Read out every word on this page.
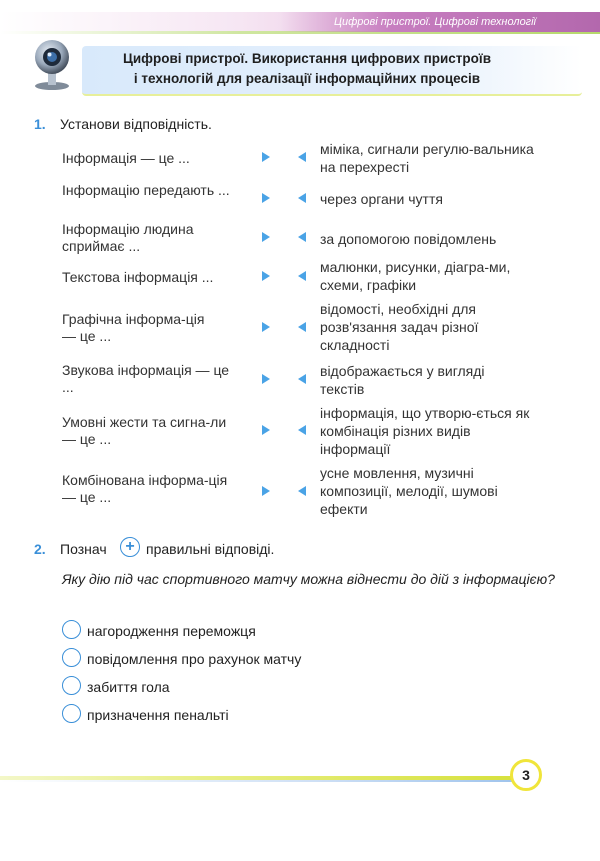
Цифрові пристрої. Цифрові технології
Цифрові пристрої. Використання цифрових пристроїв
і технологій для реалізації інформаційних процесів
1. Установи відповідність.
Інформація — це ...
міміка, сигнали регулю-вальника на перехресті
Інформацію передають ...
через органи чуття
Інформацію людина сприймає ...	за допомогою повідомлень
Текстова інформація ...
малюнки, рисунки, діагра-ми, схеми, графіки
Графічна інформа-ція — це ...
відомості, необхідні для розв'язання задач різної складності
Звукова інформація — це ...
відображається у вигляді текстів
Умовні жести та сигна-ли — це ...
інформація, що утворю-ється як комбінація різних видів інформації
Комбінована інформа-ція — це ...
усне мовлення, музичні композиції, мелодії, шумові ефекти
2. Познач	+ правильні відповіді.
Яку дію під час спортивного матчу можна віднести до дій з інформацією?
нагородження переможця
повідомлення про рахунок матчу
забиття гола
призначення пенальті
3
